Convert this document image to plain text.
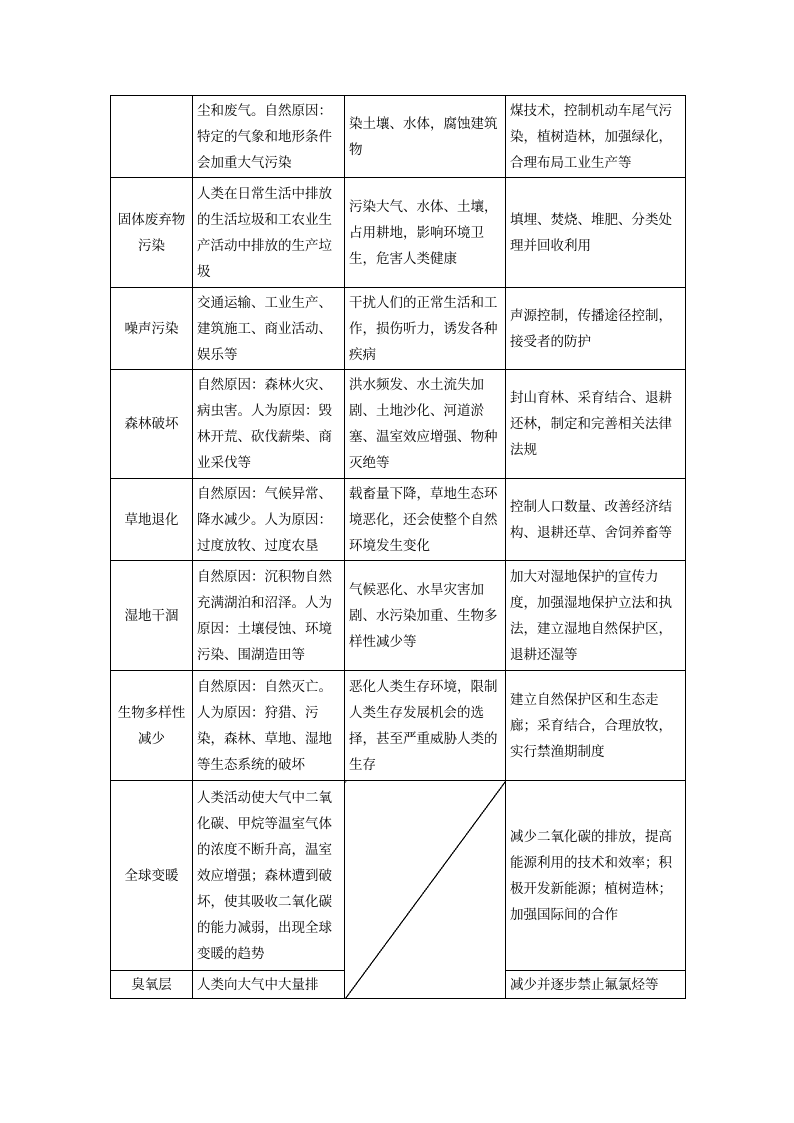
	尘和废气。自然原因：特定的气象和地形条件会加重大气污染	染土壤、水体，腐蚀建筑物	煤技术，控制机动车尾气污染，植树造林，加强绿化，合理布局工业生产等
固体废弃物污染	人类在日常生活中排放的生活垃圾和工农业生产活动中排放的生产垃圾	污染大气、水体、土壤，占用耕地，影响环境卫生，危害人类健康	填埋、焚烧、堆肥、分类处理并回收利用
噪声污染	交通运输、工业生产、建筑施工、商业活动、娱乐等	干扰人们的正常生活和工作，损伤听力，诱发各种疾病	声源控制，传播途径控制，接受者的防护
森林破坏	自然原因：森林火灾、病虫害。人为原因：毁林开荒、砍伐薪柴、商业采伐等	洪水频发、水土流失加剧、土地沙化、河道淤塞、温室效应增强、物种灭绝等	封山育林、采育结合、退耕还林，制定和完善相关法律法规
草地退化	自然原因：气候异常、降水减少。人为原因：过度放牧、过度农垦	载畜量下降，草地生态环境恶化，还会使整个自然环境发生变化	控制人口数量、改善经济结构、退耕还草、舍饲养畜等
湿地干涸	自然原因：沉积物自然充满湖泊和沼泽。人为原因：土壤侵蚀、环境污染、围湖造田等	气候恶化、水旱灾害加剧、水污染加重、生物多样性减少等	加大对湿地保护的宣传力度，加强湿地保护立法和执法，建立湿地自然保护区，退耕还湿等
生物多样性减少	自然原因：自然灭亡。人为原因：狩猎、污染，森林、草地、湿地等生态系统的破坏	恶化人类生存环境，限制人类生存发展机会的选择，甚至严重威胁人类的生存	建立自然保护区和生态走廊；采育结合，合理放牧，实行禁渔期制度
全球变暖	人类活动使大气中二氧化碳、甲烷等温室气体的浓度不断升高，温室效应增强；森林遭到破坏，使其吸收二氧化碳的能力减弱，出现全球变暖的趋势		减少二氧化碳的排放，提高能源利用的技术和效率；积极开发新能源；植树造林；加强国际间的合作
臭氧层	人类向大气中大量排		减少并逐步禁止氟氯烃等
